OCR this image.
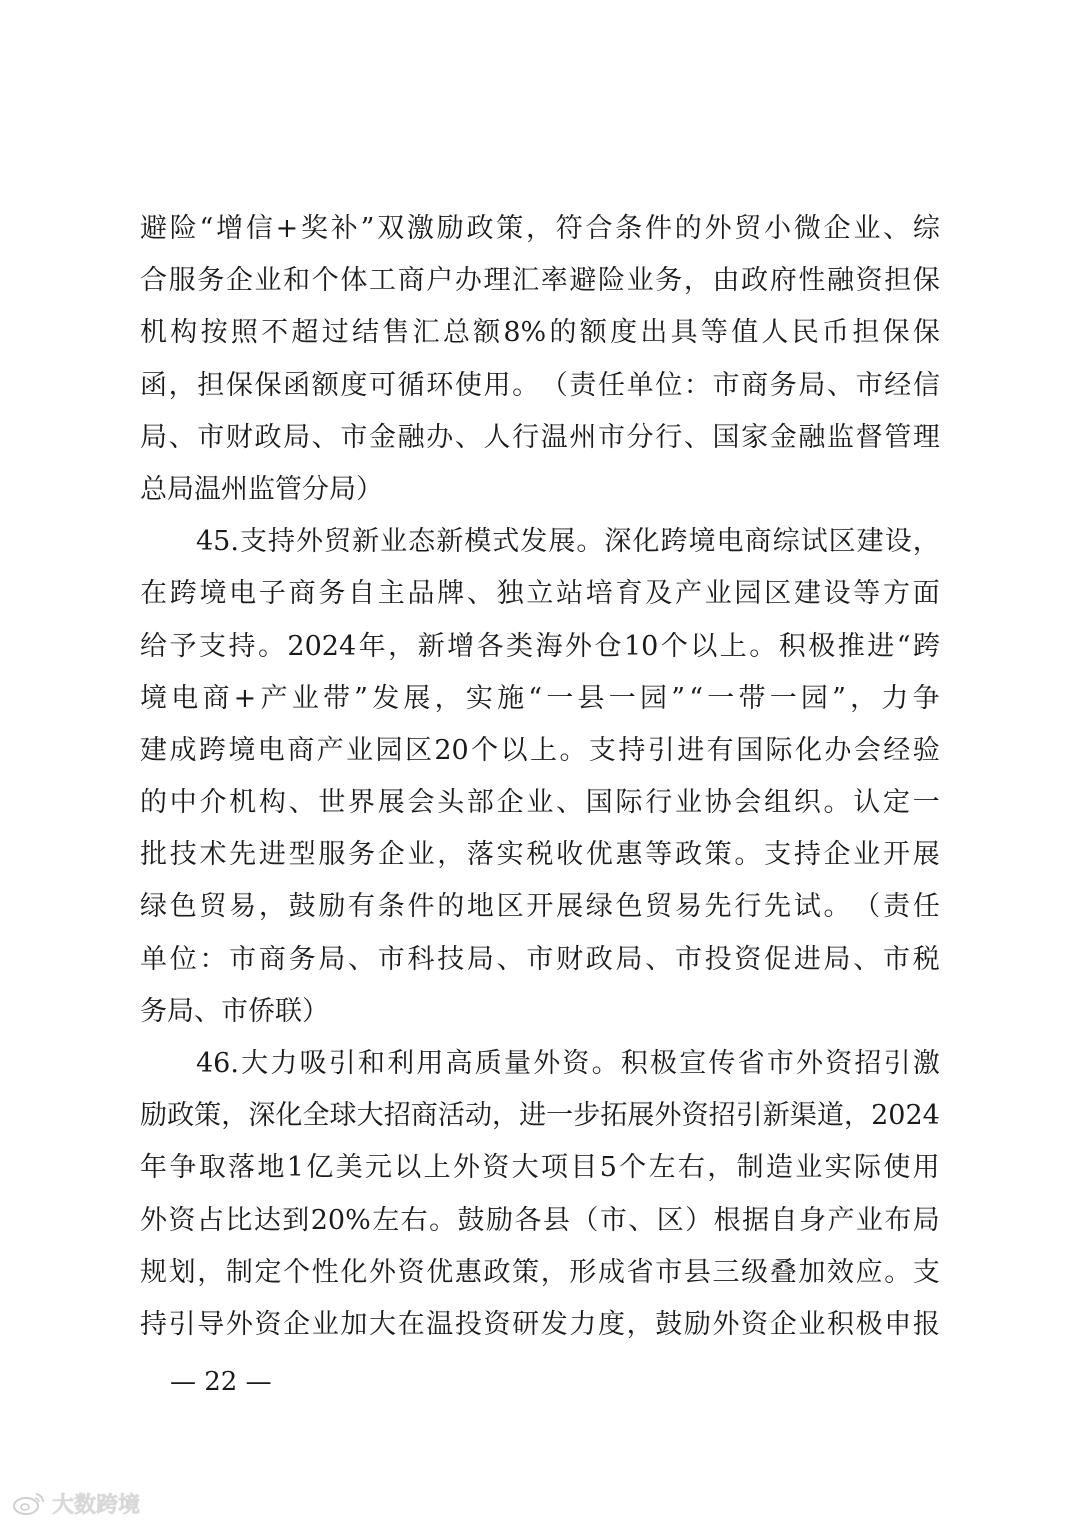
避 险 “ 增 信 + 奖 补 ” 双 激 励 政 策 ， 符 合 条 件 的 外 贸 小 微 企 业 、 综
合 服 务 企 业 和 个 体 工 商 户 办 理 汇 率 避 险 业 务 ， 由 政 府 性 融 资 担 保
机 构 按 照 不 超 过 结 售 汇 总 额 8% 的 额 度 出 具 等 值 人 民 币 担 保 保
函 ， 担 保 保 函 额 度 可 循 环 使 用 。 （ 责 任 单 位 ： 市 商 务 局 、 市 经 信
局 、 市 财 政 局 、 市 金 融 办 、 人 行 温 州 市 分 行 、 国 家 金 融 监 督 管 理
总局温州监管分局）
45. 支 持 外 贸 新 业 态 新 模 式 发 展 。 深 化 跨 境 电 商 综 试 区 建 设 ，
在 跨 境 电 子 商 务 自 主 品 牌 、 独 立 站 培 育 及 产 业 园 区 建 设 等 方 面
给 予 支 持 。 2024 年 ， 新 增 各 类 海 外 仓 10 个 以 上 。 积 极 推 进 “ 跨
境 电 商 + 产 业 带 ” 发 展 ， 实 施 “ 一 县 一 园 ” “ 一 带 一 园 ” ， 力 争
建 成 跨 境 电 商 产 业 园 区 20 个 以 上 。 支 持 引 进 有 国 际 化 办 会 经 验
的 中 介 机 构 、 世 界 展 会 头 部 企 业 、 国 际 行 业 协 会 组 织 。 认 定 一
批 技 术 先 进 型 服 务 企 业 ， 落 实 税 收 优 惠 等 政 策 。 支 持 企 业 开 展
绿 色 贸 易 ， 鼓 励 有 条 件 的 地 区 开 展 绿 色 贸 易 先 行 先 试 。 （ 责 任
单 位 ： 市 商 务 局 、 市 科 技 局 、 市 财 政 局 、 市 投 资 促 进 局 、 市 税
务局、市侨联）
46. 大 力 吸 引 和 利 用 高 质 量 外 资 。 积 极 宣 传 省 市 外 资 招 引 激
励 政 策 ， 深 化 全 球 大 招 商 活 动 ， 进 一 步 拓 展 外 资 招 引 新 渠 道 ， 2024
年 争 取 落 地 1 亿 美 元 以 上 外 资 大 项 目 5 个 左 右 ， 制 造 业 实 际 使 用
外 资 占 比 达 到 20% 左 右 。 鼓 励 各 县 （ 市 、 区 ） 根 据 自 身 产 业 布 局
规 划 ， 制 定 个 性 化 外 资 优 惠 政 策 ， 形 成 省 市 县 三 级 叠 加 效 应 。 支
持 引 导 外 资 企 业 加 大 在 温 投 资 研 发 力 度 ， 鼓 励 外 资 企 业 积 极 申 报
— 22 —
大数跨境
